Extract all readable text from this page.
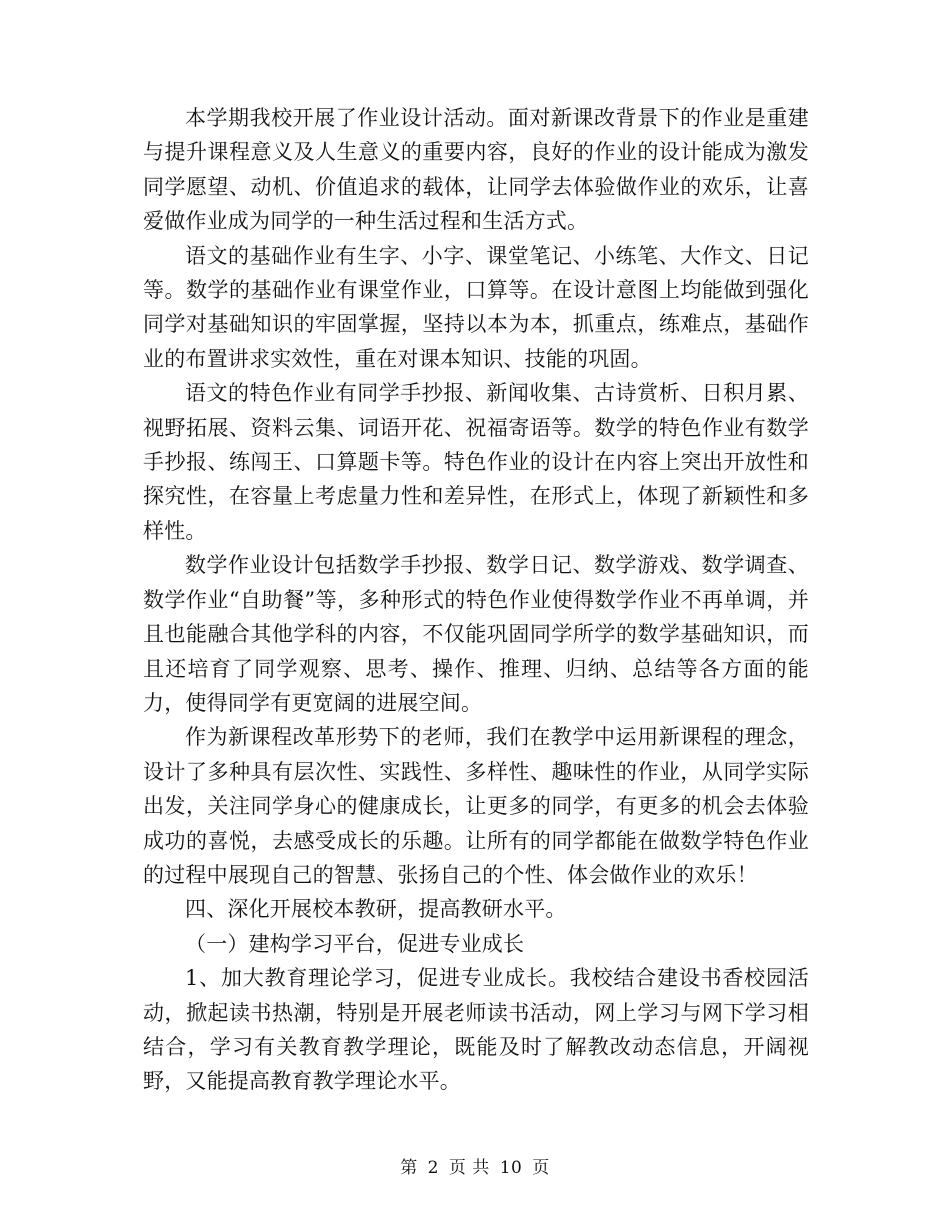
本学期我校开展了作业设计活动。面对新课改背景下的作业是重建与提升课程意义及人生意义的重要内容，良好的作业的设计能成为激发同学愿望、动机、价值追求的载体，让同学去体验做作业的欢乐，让喜爱做作业成为同学的一种生活过程和生活方式。

语文的基础作业有生字、小字、课堂笔记、小练笔、大作文、日记等。数学的基础作业有课堂作业，口算等。在设计意图上均能做到强化同学对基础知识的牢固掌握，坚持以本为本，抓重点，练难点，基础作业的布置讲求实效性，重在对课本知识、技能的巩固。

语文的特色作业有同学手抄报、新闻收集、古诗赏析、日积月累、视野拓展、资料云集、词语开花、祝福寄语等。数学的特色作业有数学手抄报、练闯王、口算题卡等。特色作业的设计在内容上突出开放性和探究性，在容量上考虑量力性和差异性，在形式上，体现了新颖性和多样性。

数学作业设计包括数学手抄报、数学日记、数学游戏、数学调查、数学作业“自助餐”等，多种形式的特色作业使得数学作业不再单调，并且也能融合其他学科的内容，不仅能巩固同学所学的数学基础知识，而且还培育了同学观察、思考、操作、推理、归纳、总结等各方面的能力，使得同学有更宽阔的进展空间。

作为新课程改革形势下的老师，我们在教学中运用新课程的理念，设计了多种具有层次性、实践性、多样性、趣味性的作业，从同学实际出发，关注同学身心的健康成长，让更多的同学，有更多的机会去体验成功的喜悦，去感受成长的乐趣。让所有的同学都能在做数学特色作业的过程中展现自己的智慧、张扬自己的个性、体会做作业的欢乐！

四、深化开展校本教研，提高教研水平。

（一）建构学习平台，促进专业成长

1、加大教育理论学习，促进专业成长。我校结合建设书香校园活动，掀起读书热潮，特别是开展老师读书活动，网上学习与网下学习相结合，学习有关教育教学理论，既能及时了解教改动态信息，开阔视野，又能提高教育教学理论水平。

第 2 页 共 10 页
